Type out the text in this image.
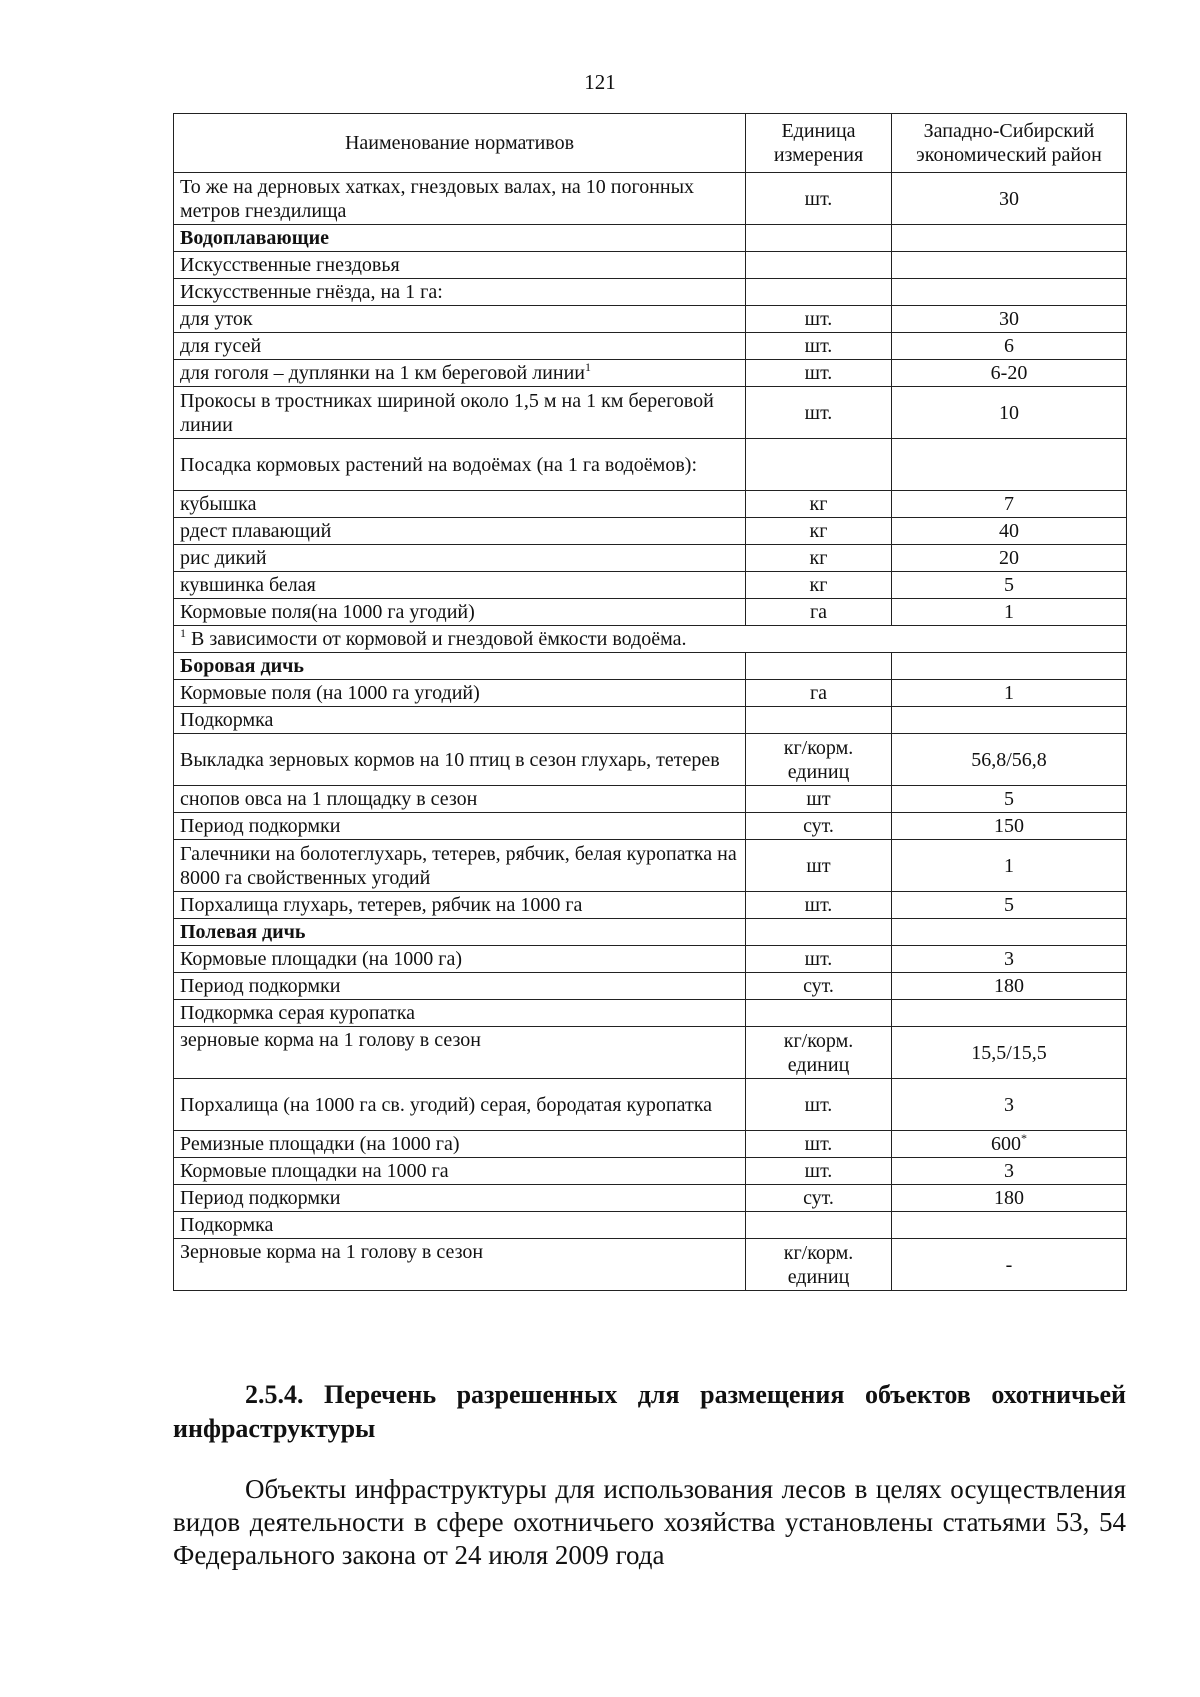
121
Наименование нормативов	Единица измерения	Западно-Сибирский экономический район
То же на дерновых хатках, гнездовых валах, на 10 погонных метров гнездилища	шт.	30
Водоплавающие		
Искусственные гнездовья		
Искусственные гнёзда, на 1 га:		
для уток	шт.	30
для гусей	шт.	6
для гоголя – дуплянки на 1 км береговой линии$^1$	шт.	6-20
Прокосы в тростниках шириной около 1,5 м на 1 км береговой линии	шт.	10
Посадка кормовых растений на водоёмах (на 1 га водоёмов):		
кубышка	кг	7
рдест плавающий	кг	40
рис дикий	кг	20
кувшинка белая	кг	5
Кормовые поля(на 1000 га угодий)	га	1
$^1$ В зависимости от кормовой и гнездовой ёмкости водоёма.		
Боровая дичь		
Кормовые поля (на 1000 га угодий)	га	1
Подкормка		
Выкладка зерновых кормов на 10 птиц в сезон глухарь, тетерев	кг/корм. единиц	56,8/56,8
снопов овса на 1 площадку в сезон	шт	5
Период подкормки	сут.	150
Галечники на болотеглухарь, тетерев, рябчик, белая куропатка на 8000 га свойственных угодий	шт	1
Порхалища глухарь, тетерев, рябчик на 1000 га	шт.	5
Полевая дичь		
Кормовые площадки (на 1000 га)	шт.	3
Период подкормки	сут.	180
Подкормка серая куропатка		
зерновые корма на 1 голову в сезон	кг/корм. единиц	15,5/15,5
Порхалища (на 1000 га св. угодий) серая, бородатая куропатка	шт.	3
Ремизные площадки (на 1000 га)	шт.	600*
Кормовые площадки на 1000 га	шт.	3
Период подкормки	сут.	180
Подкормка		
Зерновые корма на 1 голову в сезон	кг/корм. единиц	-
2.5.4. Перечень разрешенных для размещения объектов охотничьей инфраструктуры
Объекты инфраструктуры для использования лесов в целях осуществления видов деятельности в сфере охотничьего хозяйства установлены статьями 53, 54 Федерального закона от 24 июля 2009 года
